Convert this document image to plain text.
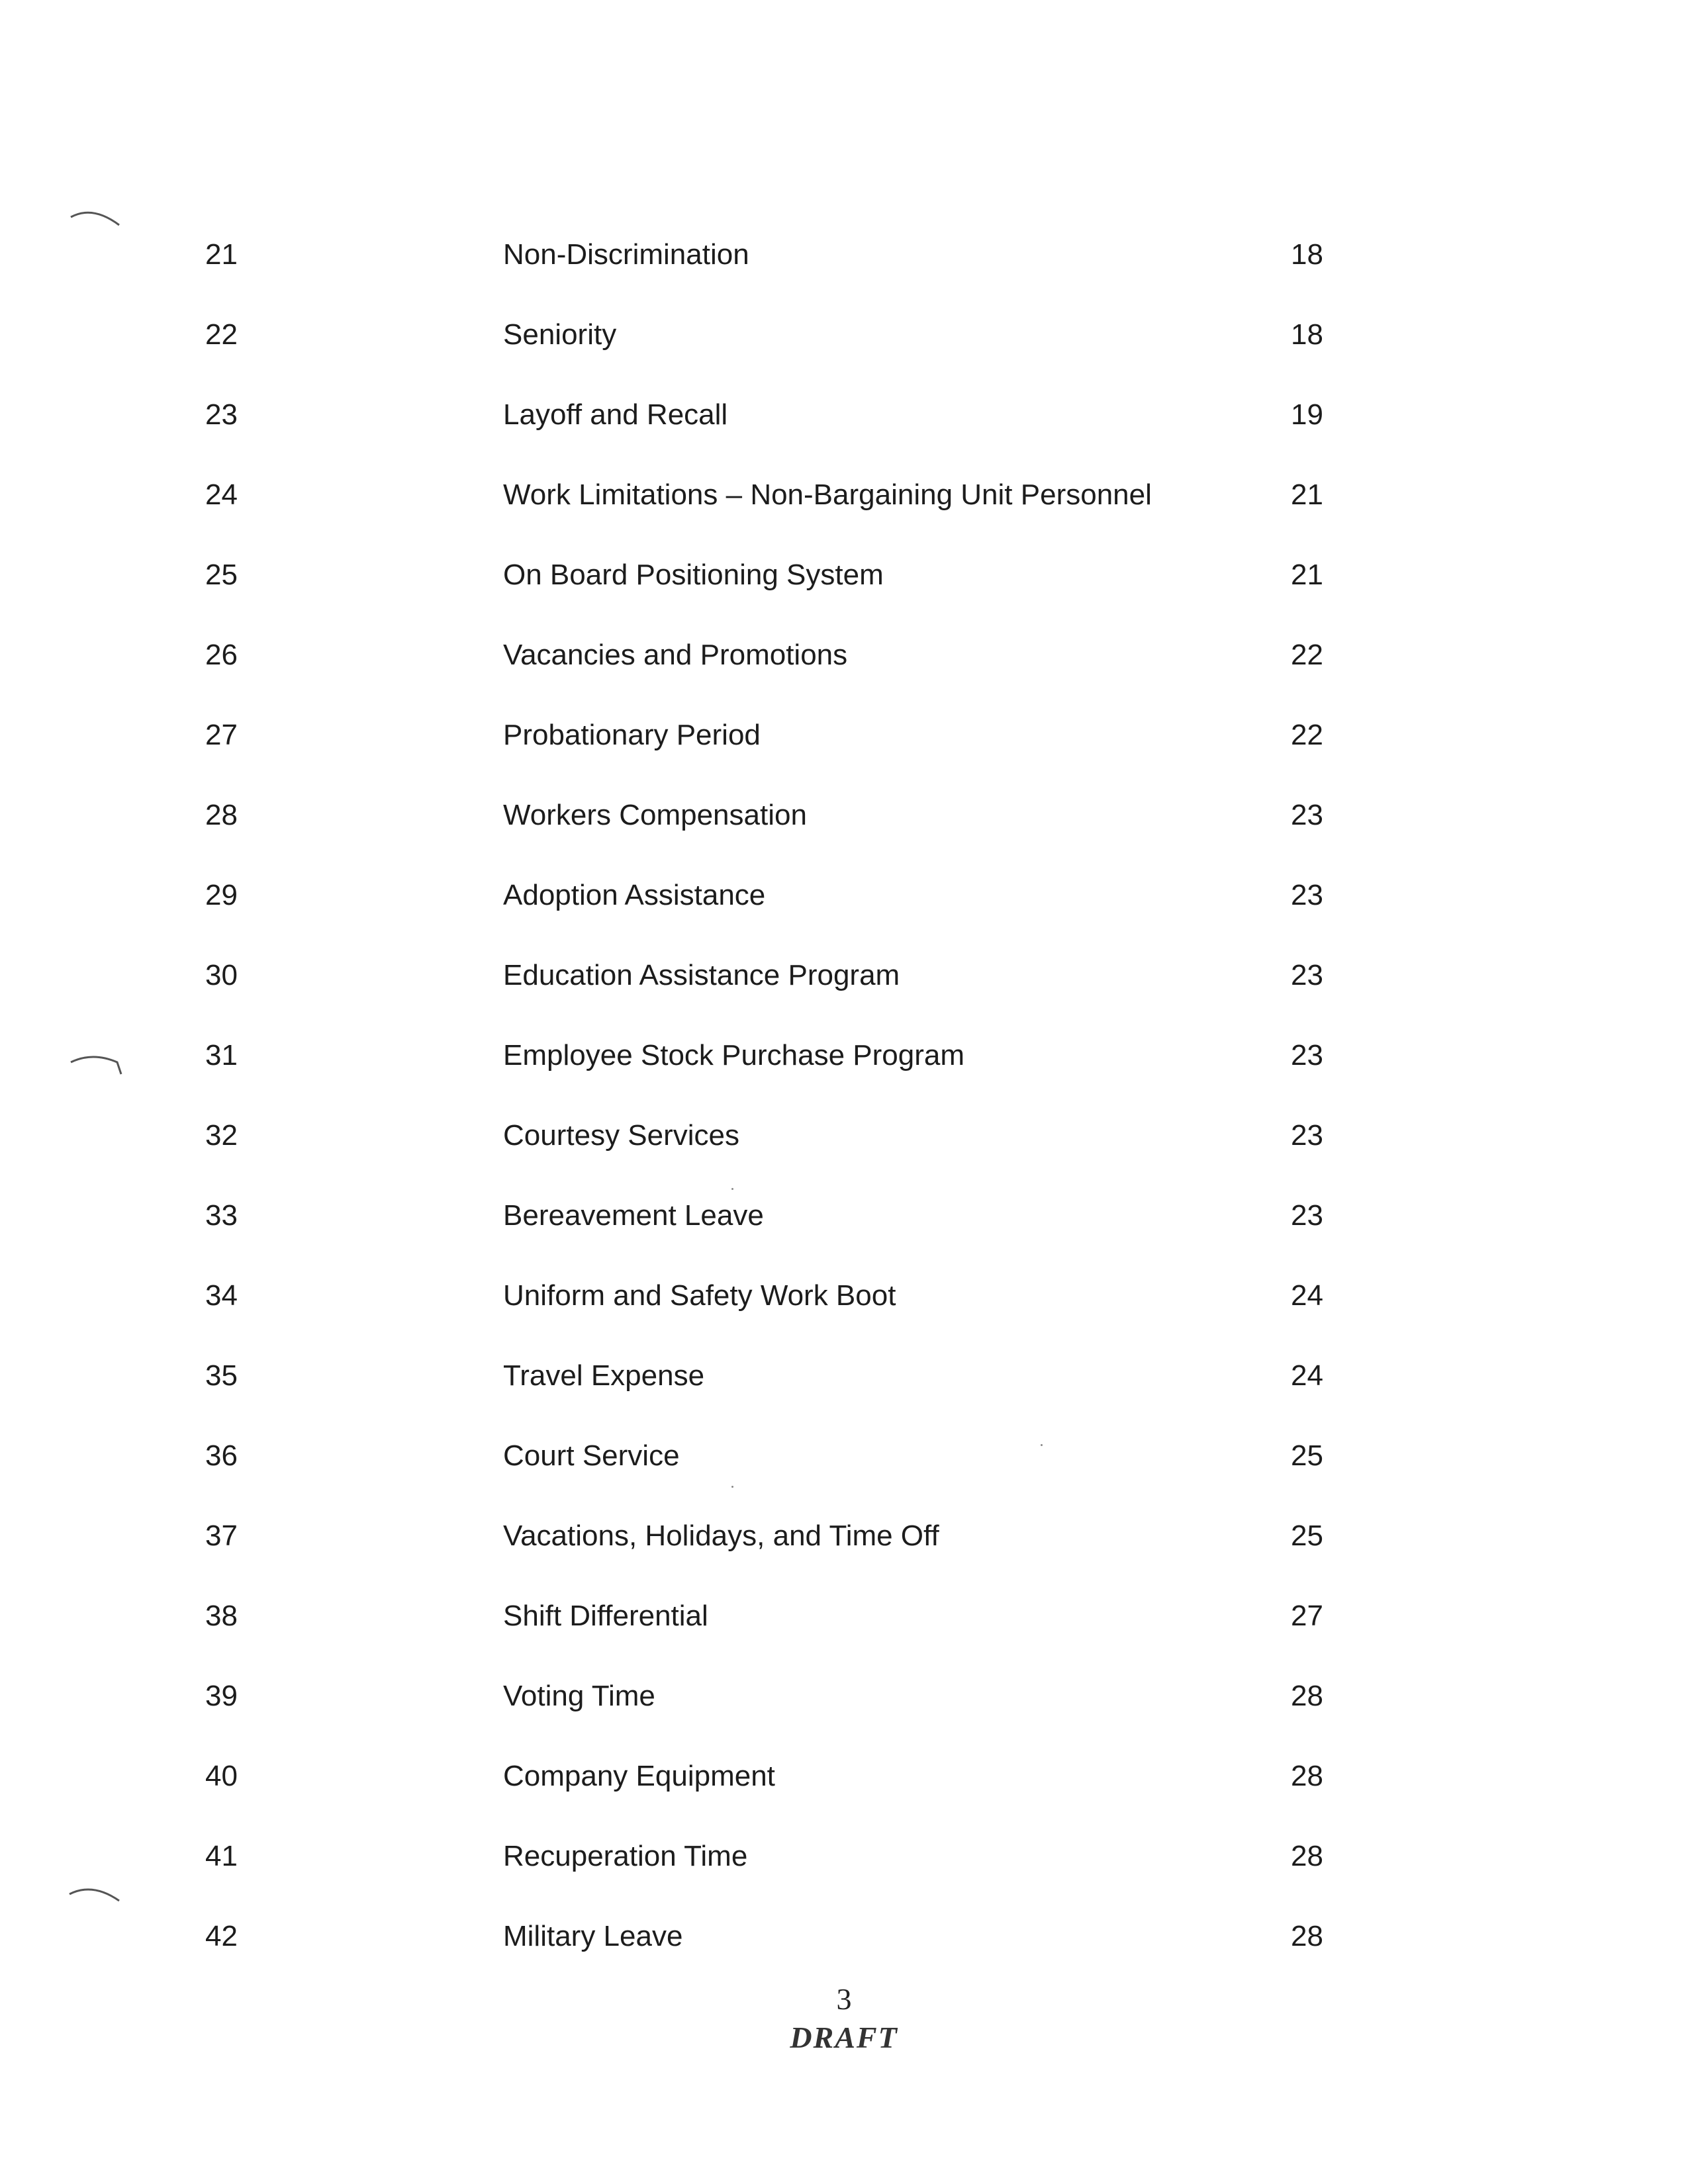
21	Non-Discrimination	18
22	Seniority	18
23	Layoff and Recall	19
24	Work Limitations – Non-Bargaining Unit Personnel	21
25	On Board Positioning System	21
26	Vacancies and Promotions	22
27	Probationary Period	22
28	Workers Compensation	23
29	Adoption Assistance	23
30	Education Assistance Program	23
31	Employee Stock Purchase Program	23
32	Courtesy Services	23
33	Bereavement Leave	23
34	Uniform and Safety Work Boot	24
35	Travel Expense	24
36	Court Service	25
37	Vacations, Holidays, and Time Off	25
38	Shift Differential	27
39	Voting Time	28
40	Company Equipment	28
41	Recuperation Time	28
42	Military Leave	28
3
DRAFT
